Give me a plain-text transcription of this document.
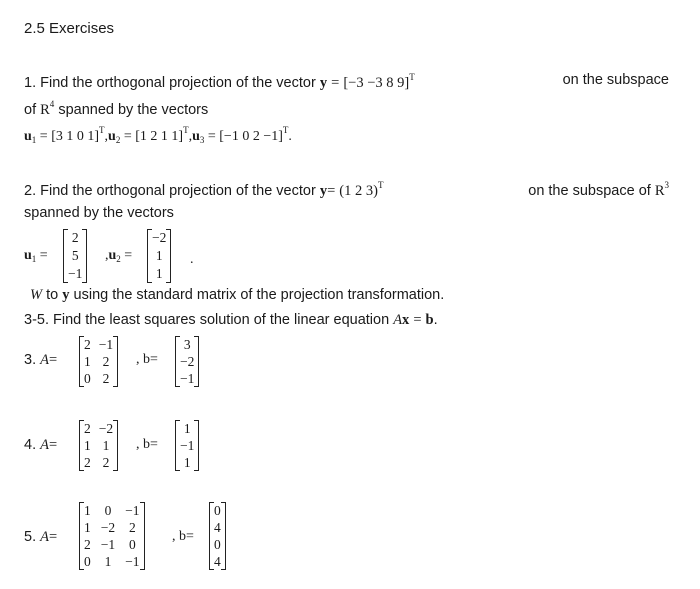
2.5 Exercises
1. Find the orthogonal projection of the vector y = [−3 −3 8 9]$^T$	on the subspace
of $R^4$ spanned by the vectors
$u_1 = [3$ 1 0 $1]^T,u_2 = [1$ 2 1 $1]^T,u_3 = [-1$ 0 2 −1]$^T$.
2. Find the orthogonal projection of the vector y= (1 2 3)$^T$	on the subspace of $R^3$
spanned by the vectors
$u_1$ =
2
5
−1
$,u_2$ =
−2
1
1
.
W to y using the standard matrix of the projection transformation.
3-5. Find the least squares solution of the linear equation Ax = b.
3. A=
2 −1
1 2
0 2
, b=
3
−2
−1
4. A=
2 −2
1 1
2 2
, b=
1
−1
1
5. A=
1 0 −1
1 −2 2
2 −1 0
0 1 −1
, b=
0
4
0
4
